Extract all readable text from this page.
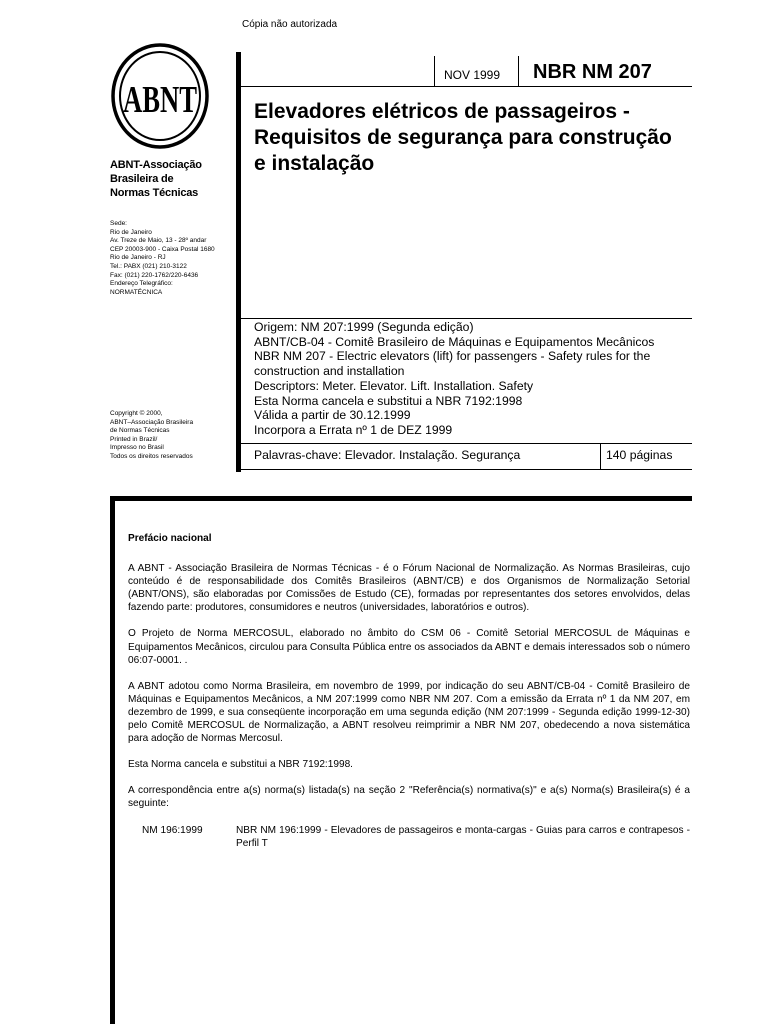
Cópia não autorizada
ABNT
ABNT-Associação
Brasileira de
Normas Técnicas
Sede:
Rio de Janeiro
Av. Treze de Maio, 13 - 28º andar
CEP 20003-900 - Caixa Postal 1680
Rio de Janeiro - RJ
Tel.: PABX (021) 210-3122
Fax: (021) 220-1762/220-6436
Endereço Telegráfico:
NORMATÉCNICA
Copyright © 2000,
ABNT–Associação Brasileira
de Normas Técnicas
Printed in Brazil/
Impresso no Brasil
Todos os direitos reservados
NOV 1999 NBR NM 207
Elevadores elétricos de passageiros - Requisitos de segurança para construção e instalação
Origem: NM 207:1999 (Segunda edição)
ABNT/CB-04 - Comitê Brasileiro de Máquinas e Equipamentos Mecânicos
NBR NM 207 - Electric elevators (lift) for passengers - Safety rules for the
construction and installation
Descriptors: Meter. Elevator. Lift. Installation. Safety
Esta Norma cancela e substitui a NBR 7192:1998
Válida a partir de 30.12.1999
Incorpora a Errata nº 1 de DEZ 1999
Palavras-chave: Elevador. Instalação. Segurança	140 páginas
Prefácio nacional

A ABNT - Associação Brasileira de Normas Técnicas - é o Fórum Nacional de Normalização. As Normas Brasileiras, cujo conteúdo é de responsabilidade dos Comitês Brasileiros (ABNT/CB) e dos Organismos de Normalização Setorial (ABNT/ONS), são elaboradas por Comissões de Estudo (CE), formadas por representantes dos setores envolvidos, delas fazendo parte: produtores, consumidores e neutros (universidades, laboratórios e outros).

O Projeto de Norma MERCOSUL, elaborado no âmbito do CSM 06 - Comitê Setorial MERCOSUL de Máquinas e Equipamentos Mecânicos, circulou para Consulta Pública entre os associados da ABNT e demais interessados sob o número 06:07-0001. .

A ABNT adotou como Norma Brasileira, em novembro de 1999, por indicação do seu ABNT/CB-04 - Comitê Brasileiro de Máquinas e Equipamentos Mecânicos, a NM 207:1999 como NBR NM 207. Com a emissão da Errata nº 1 da NM 207, em dezembro de 1999, e sua conseqüente incorporação em uma segunda edição (NM 207:1999 - Segunda edição 1999-12-30) pelo Comitê MERCOSUL de Normalização, a ABNT resolveu reimprimir a NBR NM 207, obedecendo a nova sistemática para adoção de Normas Mercosul.

Esta Norma cancela e substitui a NBR 7192:1998.

A correspondência entre a(s) norma(s) listada(s) na seção 2 "Referência(s) normativa(s)" e a(s) Norma(s) Brasileira(s) é a seguinte:

NM 196:1999	NBR NM 196:1999 - Elevadores de passageiros e monta-cargas - Guias para carros e contrapesos - Perfil T
